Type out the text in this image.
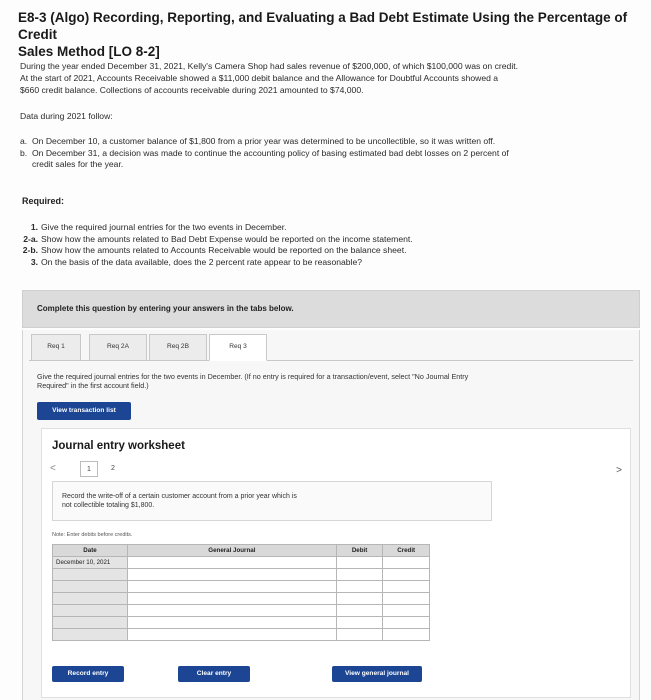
E8-3 (Algo) Recording, Reporting, and Evaluating a Bad Debt Estimate Using the Percentage of Credit
Sales Method [LO 8-2]
During the year ended December 31, 2021, Kelly's Camera Shop had sales revenue of $200,000, of which $100,000 was on credit.
At the start of 2021, Accounts Receivable showed a $11,000 debit balance and the Allowance for Doubtful Accounts showed a
$660 credit balance. Collections of accounts receivable during 2021 amounted to $74,000.
Data during 2021 follow:
a. On December 10, a customer balance of $1,800 from a prior year was determined to be uncollectible, so it was written off.
b. On December 31, a decision was made to continue the accounting policy of basing estimated bad debt losses on 2 percent of
credit sales for the year.
Required:
1. Give the required journal entries for the two events in December.
2-a. Show how the amounts related to Bad Debt Expense would be reported on the income statement.
2-b. Show how the amounts related to Accounts Receivable would be reported on the balance sheet.
3. On the basis of the data available, does the 2 percent rate appear to be reasonable?
Complete this question by entering your answers in the tabs below.
Req 1	Req 2A	Req 2B	Req 3
Give the required journal entries for the two events in December. (If no entry is required for a transaction/event, select "No Journal Entry
Required" in the first account field.)
View transaction list
Journal entry worksheet
<	1	2	>
Record the write-off of a certain customer account from a prior year which is
not collectible totaling $1,800.
Note: Enter debits before credits.
Date	General Journal	Debit	Credit
December 10, 2021			

Record entry	Clear entry	View general journal
